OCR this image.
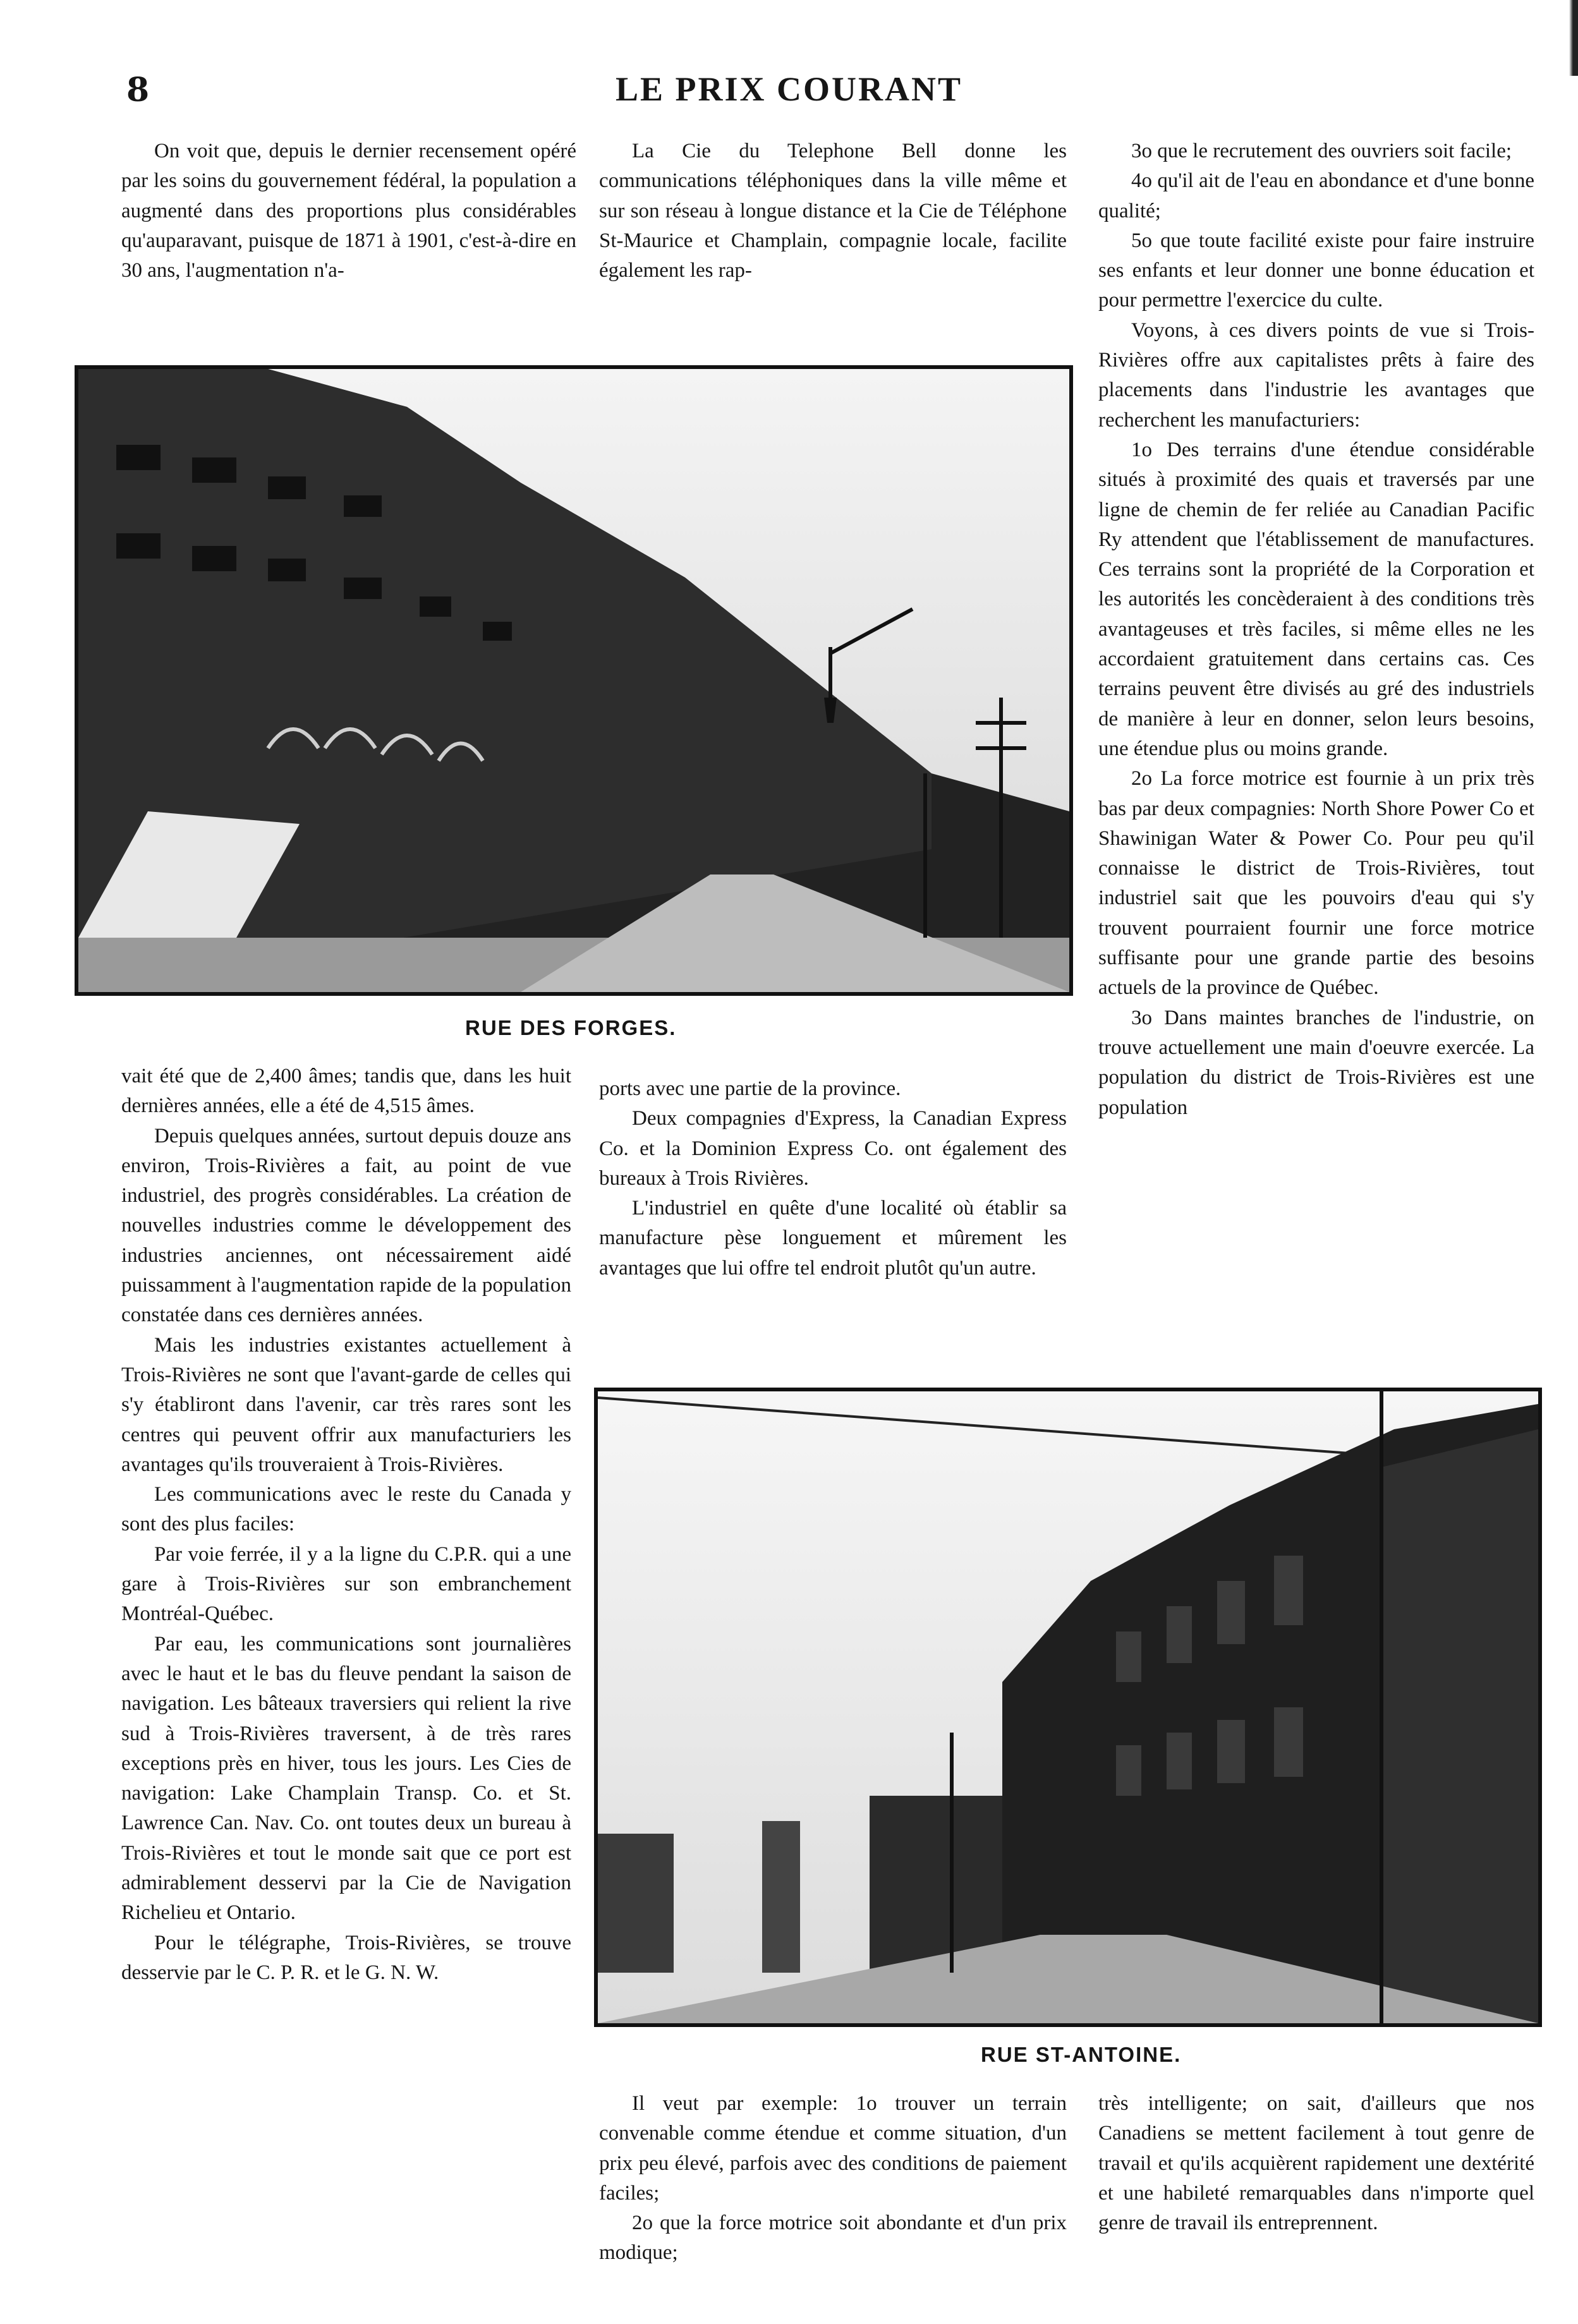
8	LE PRIX COURANT

On voit que, depuis le dernier recensement opéré par les soins du gouvernement fédéral, la population a augmenté dans des proportions plus considérables qu'auparavant, puisque de 1871 à 1901, c'est-à-dire en 30 ans, l'augmentation n'a-

La Cie du Telephone Bell donne les communications téléphoniques dans la ville même et sur son réseau à longue distance et la Cie de Téléphone St-Maurice et Champlain, compagnie locale, facilite également les rap-

3o que le recrutement des ouvriers soit facile;

4o qu'il ait de l'eau en abondance et d'une bonne qualité;

5o que toute facilité existe pour faire instruire ses enfants et leur donner une bonne éducation et pour permettre l'exercice du culte.

Voyons, à ces divers points de vue si Trois-Rivières offre aux capitalistes prêts à faire des placements dans l'industrie les avantages que recherchent les manufacturiers:

1o Des terrains d'une étendue considérable situés à proximité des quais et traversés par une ligne de chemin de fer reliée au Canadian Pacific Ry attendent que l'établissement de manufactures. Ces terrains sont la propriété de la Corporation et les autorités les concèderaient à des conditions très avantageuses et très faciles, si même elles ne les accordaient gratuitement dans certains cas. Ces terrains peuvent être divisés au gré des industriels de manière à leur en donner, selon leurs besoins, une étendue plus ou moins grande.

2o La force motrice est fournie à un prix très bas par deux compagnies: North Shore Power Co et Shawinigan Water & Power Co. Pour peu qu'il connaisse le district de Trois-Rivières, tout industriel sait que les pouvoirs d'eau qui s'y trouvent pourraient fournir une force motrice suffisante pour une grande partie des besoins actuels de la province de Québec.

3o Dans maintes branches de l'industrie, on trouve actuellement une main d'oeuvre exercée. La population du district de Trois-Rivières est une population

RUE DES FORGES.

vait été que de 2,400 âmes; tandis que, dans les huit dernières années, elle a été de 4,515 âmes.

Depuis quelques années, surtout depuis douze ans environ, Trois-Rivières a fait, au point de vue industriel, des progrès considérables. La création de nouvelles industries comme le développement des industries anciennes, ont nécessairement aidé puissamment à l'augmentation rapide de la population constatée dans ces dernières années.

Mais les industries existantes actuellement à Trois-Rivières ne sont que l'avant-garde de celles qui s'y établiront dans l'avenir, car très rares sont les centres qui peuvent offrir aux manufacturiers les avantages qu'ils trouveraient à Trois-Rivières.

Les communications avec le reste du Canada y sont des plus faciles:

Par voie ferrée, il y a la ligne du C.P.R. qui a une gare à Trois-Rivières sur son embranchement Montréal-Québec.

Par eau, les communications sont journalières avec le haut et le bas du fleuve pendant la saison de navigation. Les bâteaux traversiers qui relient la rive sud à Trois-Rivières traversent, à de très rares exceptions près en hiver, tous les jours. Les Cies de navigation: Lake Champlain Transp. Co. et St. Lawrence Can. Nav. Co. ont toutes deux un bureau à Trois-Rivières et tout le monde sait que ce port est admirablement desservi par la Cie de Navigation Richelieu et Ontario.

Pour le télégraphe, Trois-Rivières, se trouve desservie par le C. P. R. et le G. N. W.

ports avec une partie de la province.

Deux compagnies d'Express, la Canadian Express Co. et la Dominion Express Co. ont également des bureaux à Trois Rivières.

L'industriel en quête d'une localité où établir sa manufacture pèse longuement et mûrement les avantages que lui offre tel endroit plutôt qu'un autre.

RUE ST-ANTOINE.

Il veut par exemple: 1o trouver un terrain convenable comme étendue et comme situation, d'un prix peu élevé, parfois avec des conditions de paiement faciles;

2o que la force motrice soit abondante et d'un prix modique;

très intelligente; on sait, d'ailleurs que nos Canadiens se mettent facilement à tout genre de travail et qu'ils acquièrent rapidement une dextérité et une habileté remarquables dans n'importe quel genre de travail ils entreprennent.
